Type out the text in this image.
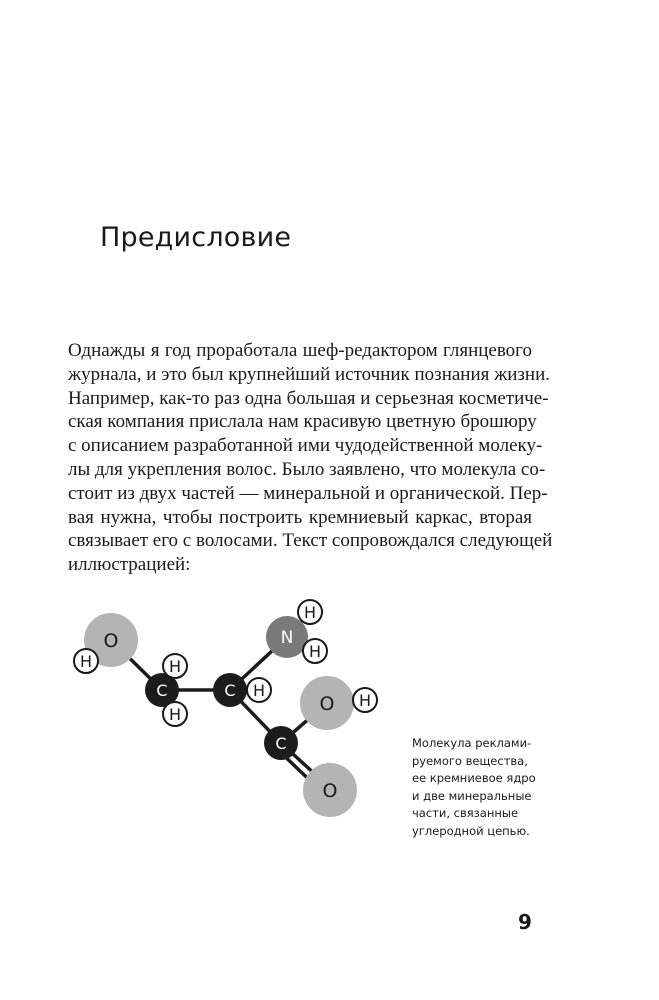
Предисловие
Однажды я год проработала шеф-редактором глянцевого
журнала, и это был крупнейший источник познания жизни.
Например, как-то раз одна большая и серьезная косметиче-
ская компания прислала нам красивую цветную брошюру
с описанием разработанной ими чудодейственной молеку-
лы для укрепления волос. Было заявлено, что молекула со-
стоит из двух частей — минеральной и органической. Пер-
вая нужна, чтобы построить кремниевый каркас, вторая
связывает его с волосами. Текст сопровождался следующей
иллюстрацией:
O
O
O
N
C	C
C
H	H
H
H
H
H
H
Молекула реклами-
руемого вещества,
ее кремниевое ядро
и две минеральные
части, связанные
углеродной цепью.
9
